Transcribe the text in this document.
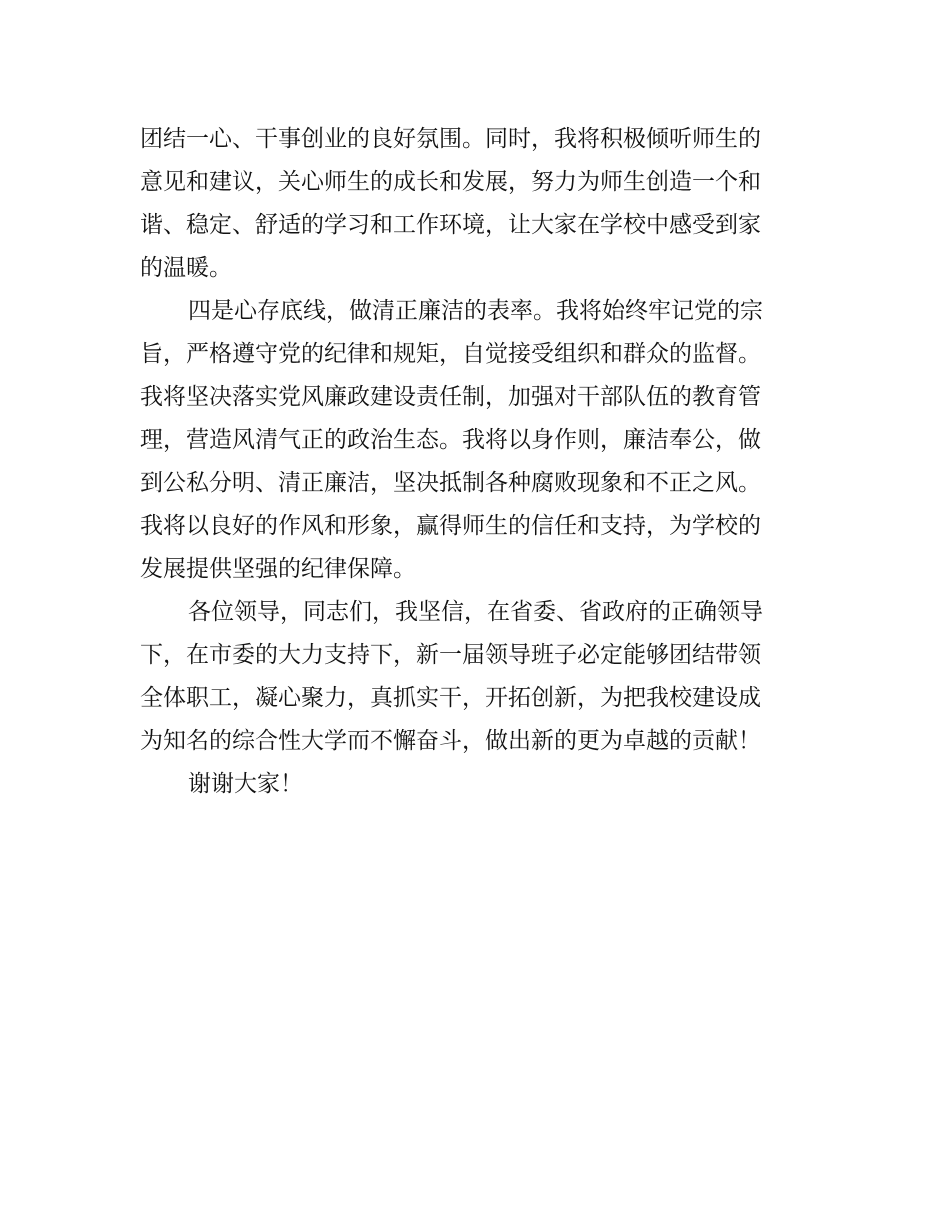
团结一心、干事创业的良好氛围。同时，我将积极倾听师生的
意见和建议，关心师生的成长和发展，努力为师生创造一个和
谐、稳定、舒适的学习和工作环境，让大家在学校中感受到家
的温暖。
四是心存底线，做清正廉洁的表率。我将始终牢记党的宗
旨，严格遵守党的纪律和规矩，自觉接受组织和群众的监督。
我将坚决落实党风廉政建设责任制，加强对干部队伍的教育管
理，营造风清气正的政治生态。我将以身作则，廉洁奉公，做
到公私分明、清正廉洁，坚决抵制各种腐败现象和不正之风。
我将以良好的作风和形象，赢得师生的信任和支持，为学校的
发展提供坚强的纪律保障。
各位领导，同志们，我坚信，在省委、省政府的正确领导
下，在市委的大力支持下，新一届领导班子必定能够团结带领
全体职工，凝心聚力，真抓实干，开拓创新，为把我校建设成
为知名的综合性大学而不懈奋斗，做出新的更为卓越的贡献！
谢谢大家！
